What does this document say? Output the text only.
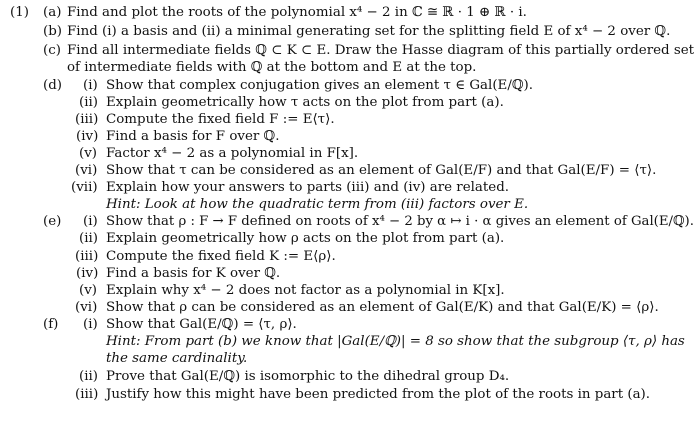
(1) (a) Find and plot the roots of the polynomial x⁴ − 2 in ℂ ≅ ℝ · 1 ⊕ ℝ · i.
(b) Find (i) a basis and (ii) a minimal generating set for the splitting field E of x⁴ − 2 over ℚ.
(c) Find all intermediate fields ℚ ⊂ K ⊂ E. Draw the Hasse diagram of this partially ordered set
of intermediate fields with ℚ at the bottom and E at the top.
(d) (i) Show that complex conjugation gives an element τ ∈ Gal(E/ℚ).
(ii) Explain geometrically how τ acts on the plot from part (a).
(iii) Compute the fixed field F := E⟨τ⟩.
(iv) Find a basis for F over ℚ.
(v) Factor x⁴ − 2 as a polynomial in F[x].
(vi) Show that τ can be considered as an element of Gal(E/F) and that Gal(E/F) = ⟨τ⟩.
(vii) Explain how your answers to parts (iii) and (iv) are related.
Hint: Look at how the quadratic term from (iii) factors over E.
(e) (i) Show that ρ : F → F defined on roots of x⁴ − 2 by α ↦ i · α gives an element of Gal(E/ℚ).
(ii) Explain geometrically how ρ acts on the plot from part (a).
(iii) Compute the fixed field K := E⟨ρ⟩.
(iv) Find a basis for K over ℚ.
(v) Explain why x⁴ − 2 does not factor as a polynomial in K[x].
(vi) Show that ρ can be considered as an element of Gal(E/K) and that Gal(E/K) = ⟨ρ⟩.
(f) (i) Show that Gal(E/ℚ) = ⟨τ, ρ⟩.
Hint: From part (b) we know that |Gal(E/ℚ)| = 8 so show that the subgroup ⟨τ, ρ⟩ has
the same cardinality.
(ii) Prove that Gal(E/ℚ) is isomorphic to the dihedral group D₄.
(iii) Justify how this might have been predicted from the plot of the roots in part (a).
